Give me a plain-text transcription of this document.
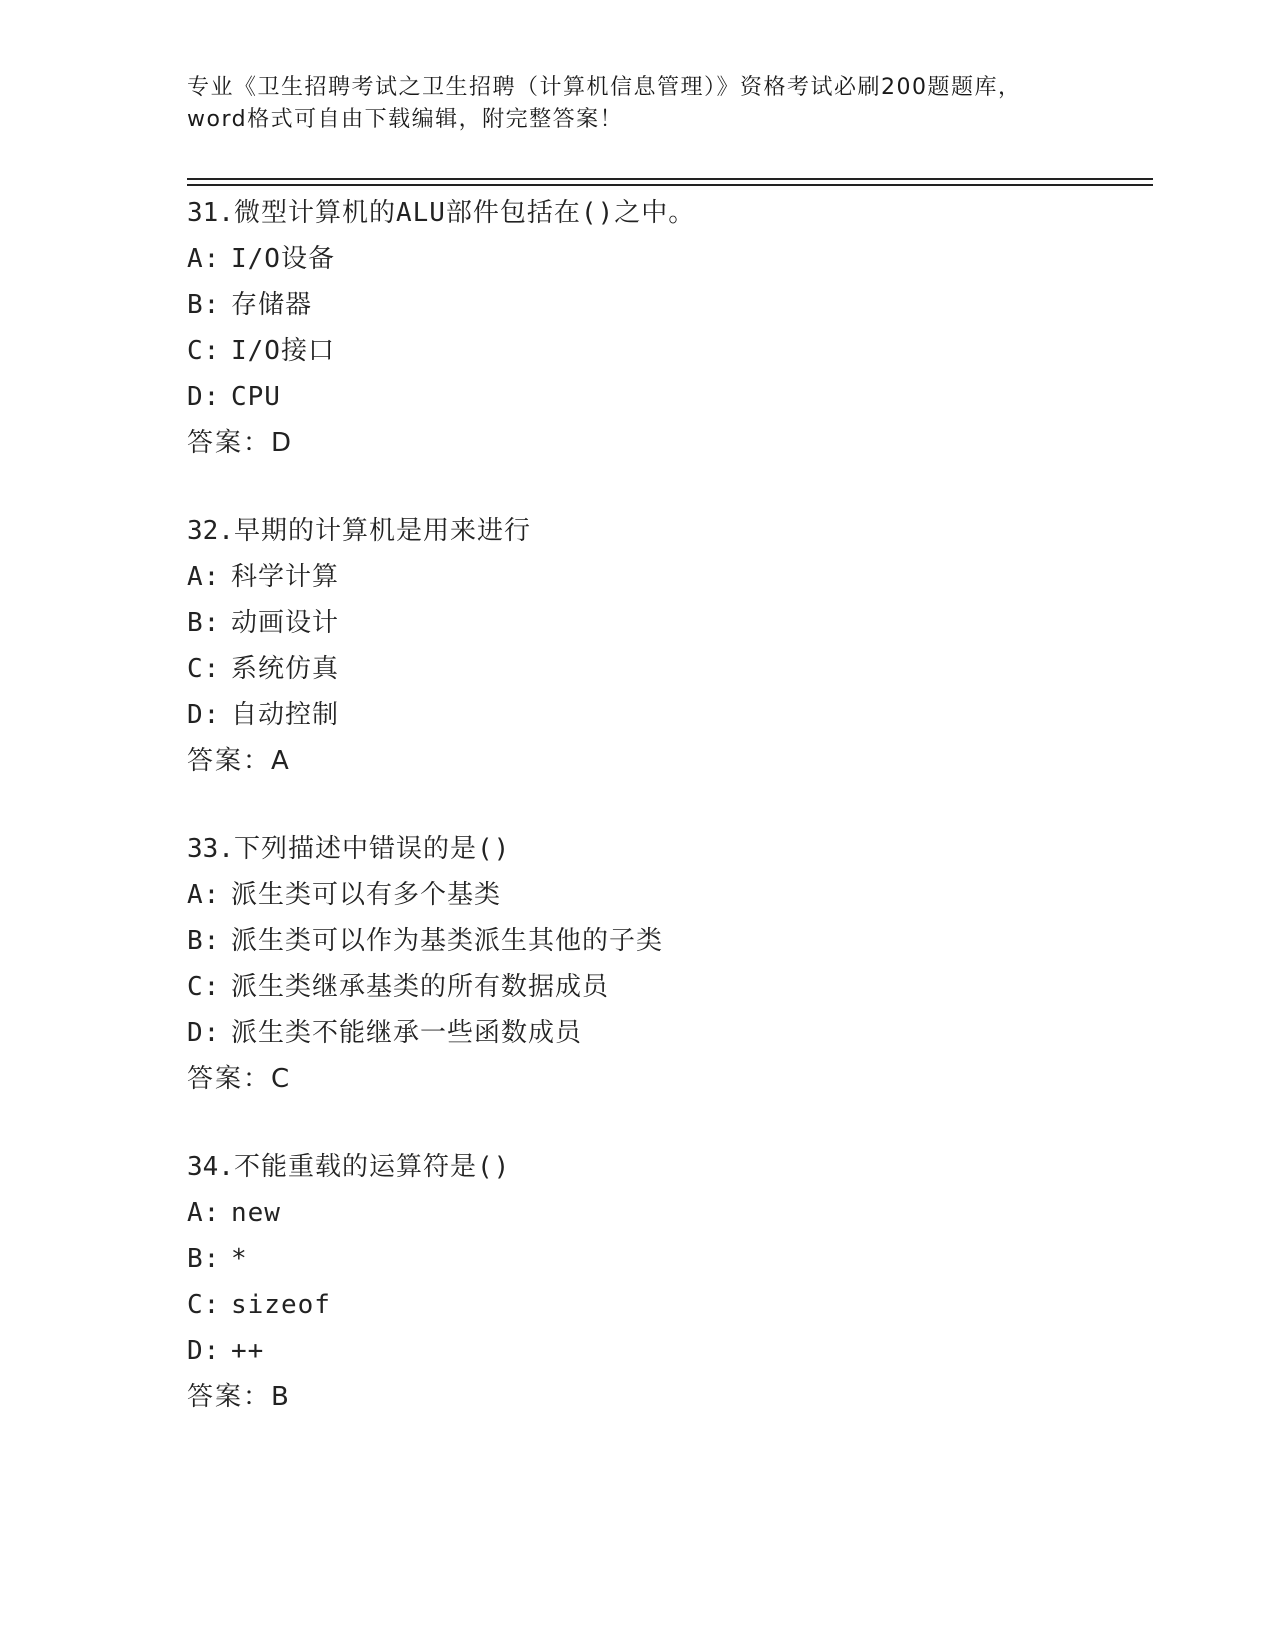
专业《卫生招聘考试之卫生招聘（计算机信息管理）》资格考试必刷200题题库，
word格式可自由下载编辑，附完整答案！
31.微型计算机的ALU部件包括在()之中。
A: I/O设备
B: 存储器
C: I/O接口
D: CPU
答案：D
32.早期的计算机是用来进行
A: 科学计算
B: 动画设计
C: 系统仿真
D: 自动控制
答案：A
33.下列描述中错误的是()
A: 派生类可以有多个基类
B: 派生类可以作为基类派生其他的子类
C: 派生类继承基类的所有数据成员
D: 派生类不能继承一些函数成员
答案：C
34.不能重载的运算符是()
A: new
B: *
C: sizeof
D: ++
答案：B
